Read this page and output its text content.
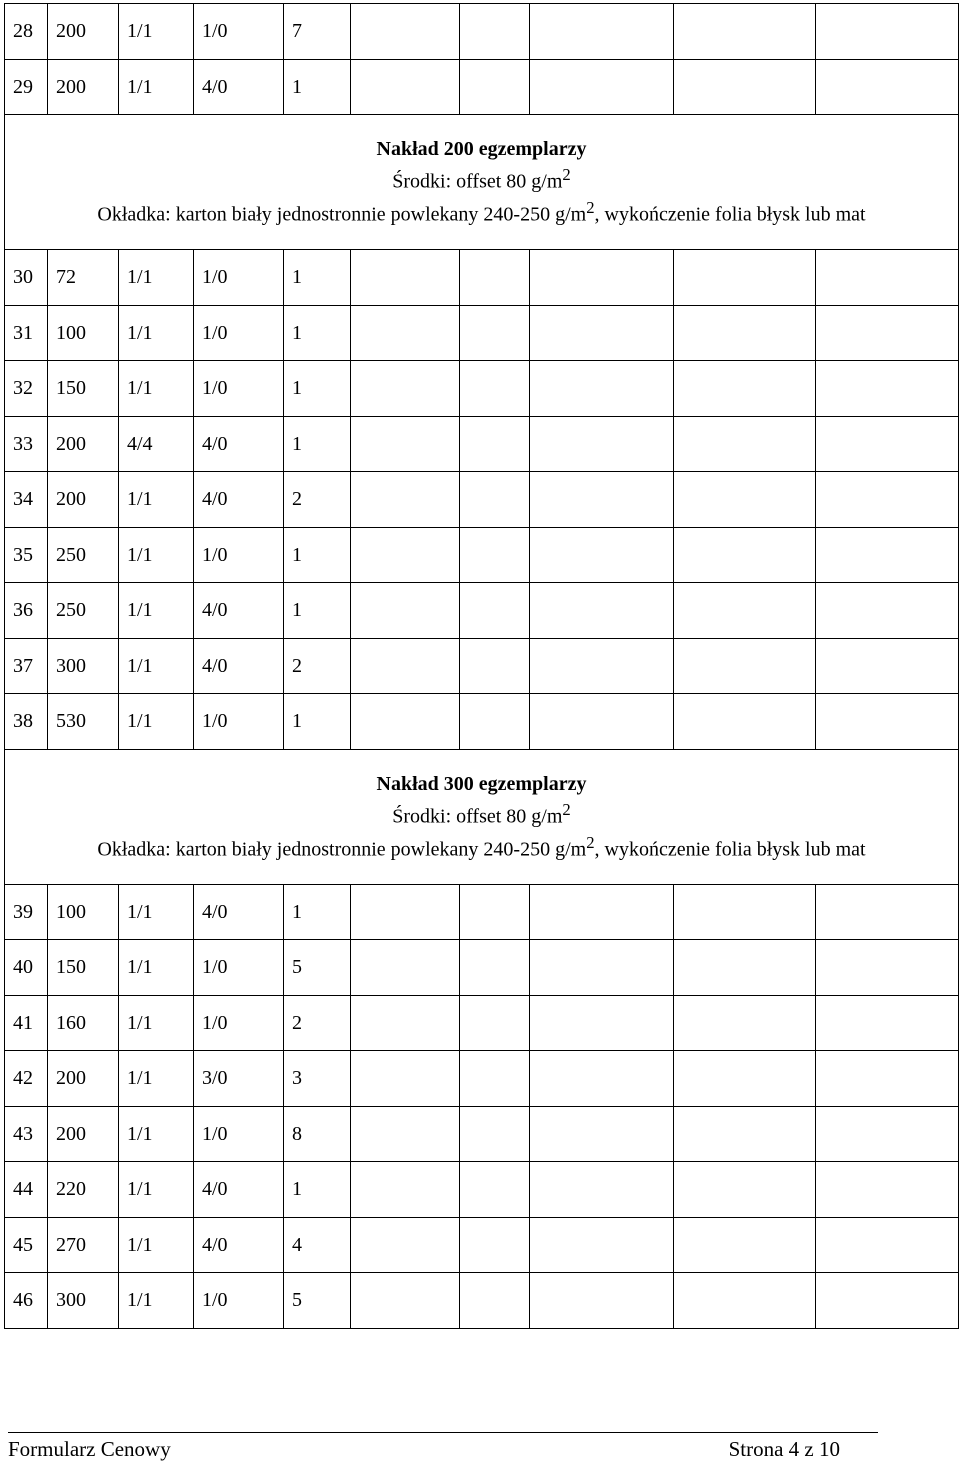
28	200	1/1	1/0	7					
29	200	1/1	4/0	1					

Nakład 200 egzemplarzy
Środki: offset 80 $g/m^2$
Okładka: karton biały jednostronnie powlekany 240-250 $g/m^2$, wykończenie folia błysk lub mat									

30	72	1/1	1/0	1					
31	100	1/1	1/0	1					
32	150	1/1	1/0	1					
33	200	4/4	4/0	1					
34	200	1/1	4/0	2					
35	250	1/1	1/0	1					
36	250	1/1	4/0	1					
37	300	1/1	4/0	2					
38	530	1/1	1/0	1					

Nakład 300 egzemplarzy
Środki: offset 80 $g/m^2$
Okładka: karton biały jednostronnie powlekany 240-250 $g/m^2$, wykończenie folia błysk lub mat									

39	100	1/1	4/0	1					
40	150	1/1	1/0	5					
41	160	1/1	1/0	2					
42	200	1/1	3/0	3					
43	200	1/1	1/0	8					
44	220	1/1	4/0	1					
45	270	1/1	4/0	4					
46	300	1/1	1/0	5					
Formularz Cenowy	Strona 4 z 10
